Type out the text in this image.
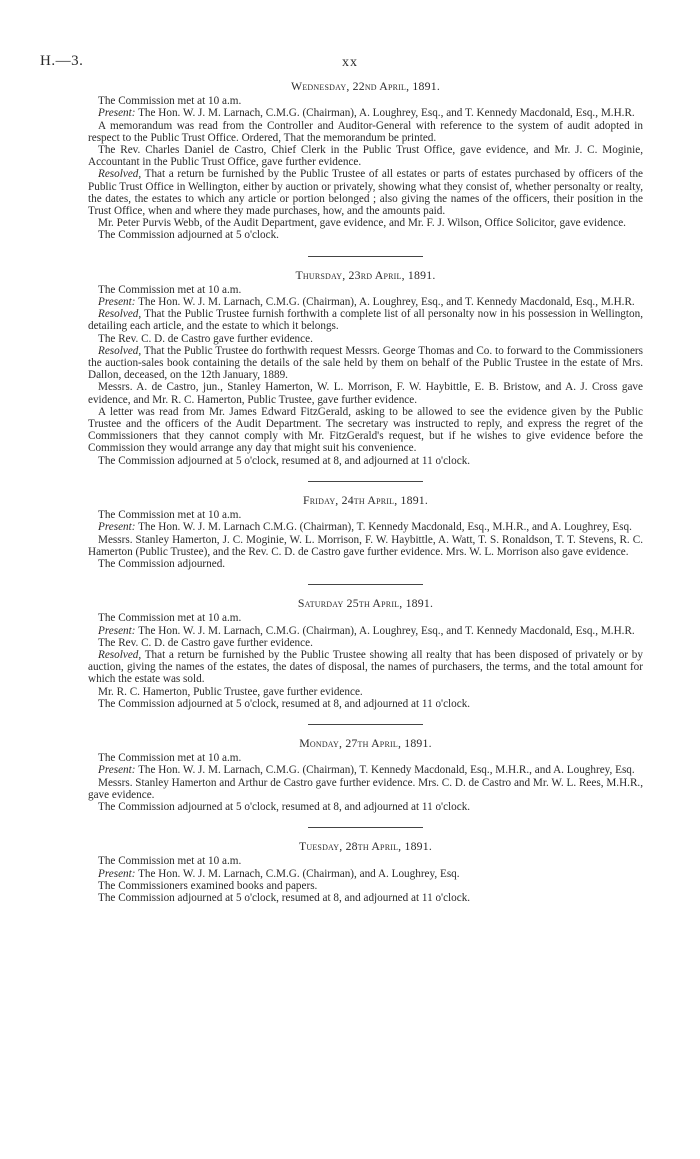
H.—3.	xx
Wednesday, 22nd April, 1891.

The Commission met at 10 a.m.

Present: The Hon. W. J. M. Larnach, C.M.G. (Chairman), A. Loughrey, Esq., and T. Kennedy Macdonald, Esq., M.H.R.

A memorandum was read from the Controller and Auditor-General with reference to the system of audit adopted in respect to the Public Trust Office. Ordered, That the memorandum be printed.

The Rev. Charles Daniel de Castro, Chief Clerk in the Public Trust Office, gave evidence, and Mr. J. C. Moginie, Accountant in the Public Trust Office, gave further evidence.

Resolved, That a return be furnished by the Public Trustee of all estates or parts of estates purchased by officers of the Public Trust Office in Wellington, either by auction or privately, showing what they consist of, whether personalty or realty, the dates, the estates to which any article or portion belonged ; also giving the names of the officers, their position in the Trust Office, when and where they made purchases, how, and the amounts paid.

Mr. Peter Purvis Webb, of the Audit Department, gave evidence, and Mr. F. J. Wilson, Office Solicitor, gave evidence.

The Commission adjourned at 5 o'clock.

Thursday, 23rd April, 1891.

The Commission met at 10 a.m.

Present: The Hon. W. J. M. Larnach, C.M.G. (Chairman), A. Loughrey, Esq., and T. Kennedy Macdonald, Esq., M.H.R.

Resolved, That the Public Trustee furnish forthwith a complete list of all personalty now in his possession in Wellington, detailing each article, and the estate to which it belongs.

The Rev. C. D. de Castro gave further evidence.

Resolved, That the Public Trustee do forthwith request Messrs. George Thomas and Co. to forward to the Commissioners the auction-sales book containing the details of the sale held by them on behalf of the Public Trustee in the estate of Mrs. Dallon, deceased, on the 12th January, 1889.

Messrs. A. de Castro, jun., Stanley Hamerton, W. L. Morrison, F. W. Haybittle, E. B. Bristow, and A. J. Cross gave evidence, and Mr. R. C. Hamerton, Public Trustee, gave further evidence.

A letter was read from Mr. James Edward FitzGerald, asking to be allowed to see the evidence given by the Public Trustee and the officers of the Audit Department. The secretary was instructed to reply, and express the regret of the Commissioners that they cannot comply with Mr. FitzGerald's request, but if he wishes to give evidence before the Commission they would arrange any day that might suit his convenience.

The Commission adjourned at 5 o'clock, resumed at 8, and adjourned at 11 o'clock.

Friday, 24th April, 1891.

The Commission met at 10 a.m.

Present: The Hon. W. J. M. Larnach C.M.G. (Chairman), T. Kennedy Macdonald, Esq., M.H.R., and A. Loughrey, Esq.

Messrs. Stanley Hamerton, J. C. Moginie, W. L. Morrison, F. W. Haybittle, A. Watt, T. S. Ronaldson, T. T. Stevens, R. C. Hamerton (Public Trustee), and the Rev. C. D. de Castro gave further evidence. Mrs. W. L. Morrison also gave evidence.

The Commission adjourned.

Saturday 25th April, 1891.

The Commission met at 10 a.m.

Present: The Hon. W. J. M. Larnach, C.M.G. (Chairman), A. Loughrey, Esq., and T. Kennedy Macdonald, Esq., M.H.R.

The Rev. C. D. de Castro gave further evidence.

Resolved, That a return be furnished by the Public Trustee showing all realty that has been disposed of privately or by auction, giving the names of the estates, the dates of disposal, the names of purchasers, the terms, and the total amount for which the estate was sold.

Mr. R. C. Hamerton, Public Trustee, gave further evidence.

The Commission adjourned at 5 o'clock, resumed at 8, and adjourned at 11 o'clock.

Monday, 27th April, 1891.

The Commission met at 10 a.m.

Present: The Hon. W. J. M. Larnach, C.M.G. (Chairman), T. Kennedy Macdonald, Esq., M.H.R., and A. Loughrey, Esq.

Messrs. Stanley Hamerton and Arthur de Castro gave further evidence. Mrs. C. D. de Castro and Mr. W. L. Rees, M.H.R., gave evidence.

The Commission adjourned at 5 o'clock, resumed at 8, and adjourned at 11 o'clock.

Tuesday, 28th April, 1891.

The Commission met at 10 a.m.

Present: The Hon. W. J. M. Larnach, C.M.G. (Chairman), and A. Loughrey, Esq.

The Commissioners examined books and papers.

The Commission adjourned at 5 o'clock, resumed at 8, and adjourned at 11 o'clock.
